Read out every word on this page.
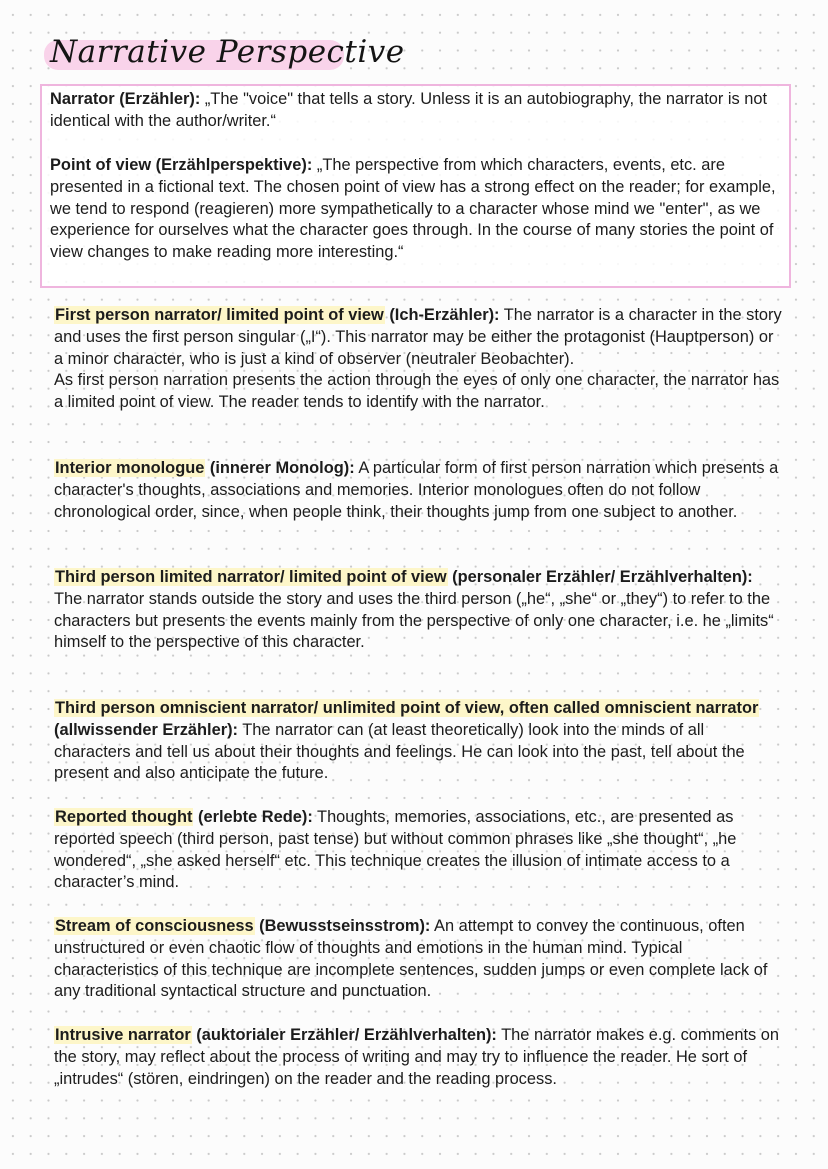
Narrative Perspective

Narrator (Erzähler): „The "voice" that tells a story. Unless it is an autobiography, the narrator is not identical with the author/writer.“

Point of view (Erzählperspektive): „The perspective from which characters, events, etc. are presented in a fictional text. The chosen point of view has a strong effect on the reader; for example, we tend to respond (reagieren) more sympathetically to a character whose mind we "enter", as we experience for ourselves what the character goes through. In the course of many stories the point of view changes to make reading more interesting.“

First person narrator/ limited point of view (Ich-Erzähler): The narrator is a character in the story and uses the first person singular („I“). This narrator may be either the protagonist (Hauptperson) or a minor character, who is just a kind of observer (neutraler Beobachter).

As first person narration presents the action through the eyes of only one character, the narrator has a limited point of view. The reader tends to identify with the narrator.

Interior monologue (innerer Monolog): A particular form of first person narration which presents a character's thoughts, associations and memories. Interior monologues often do not follow chronological order, since, when people think, their thoughts jump from one subject to another.

Third person limited narrator/ limited point of view (personaler Erzähler/ Erzählverhalten): The narrator stands outside the story and uses the third person („he“, „she“ or „they“) to refer to the characters but presents the events mainly from the perspective of only one character, i.e. he „limits“ himself to the perspective of this character.

Third person omniscient narrator/ unlimited point of view, often called omniscient narrator (allwissender Erzähler): The narrator can (at least theoretically) look into the minds of all characters and tell us about their thoughts and feelings. He can look into the past, tell about the present and also anticipate the future.

Reported thought (erlebte Rede): Thoughts, memories, associations, etc., are presented as reported speech (third person, past tense) but without common phrases like „she thought“, „he wondered“, „she asked herself“ etc. This technique creates the illusion of intimate access to a character’s mind.

Stream of consciousness (Bewusstseinsstrom): An attempt to convey the continuous, often unstructured or even chaotic flow of thoughts and emotions in the human mind. Typical characteristics of this technique are incomplete sentences, sudden jumps or even complete lack of any traditional syntactical structure and punctuation.

Intrusive narrator (auktorialer Erzähler/ Erzählverhalten): The narrator makes e.g. comments on the story, may reflect about the process of writing and may try to influence the reader. He sort of „intrudes“ (stören, eindringen) on the reader and the reading process.
